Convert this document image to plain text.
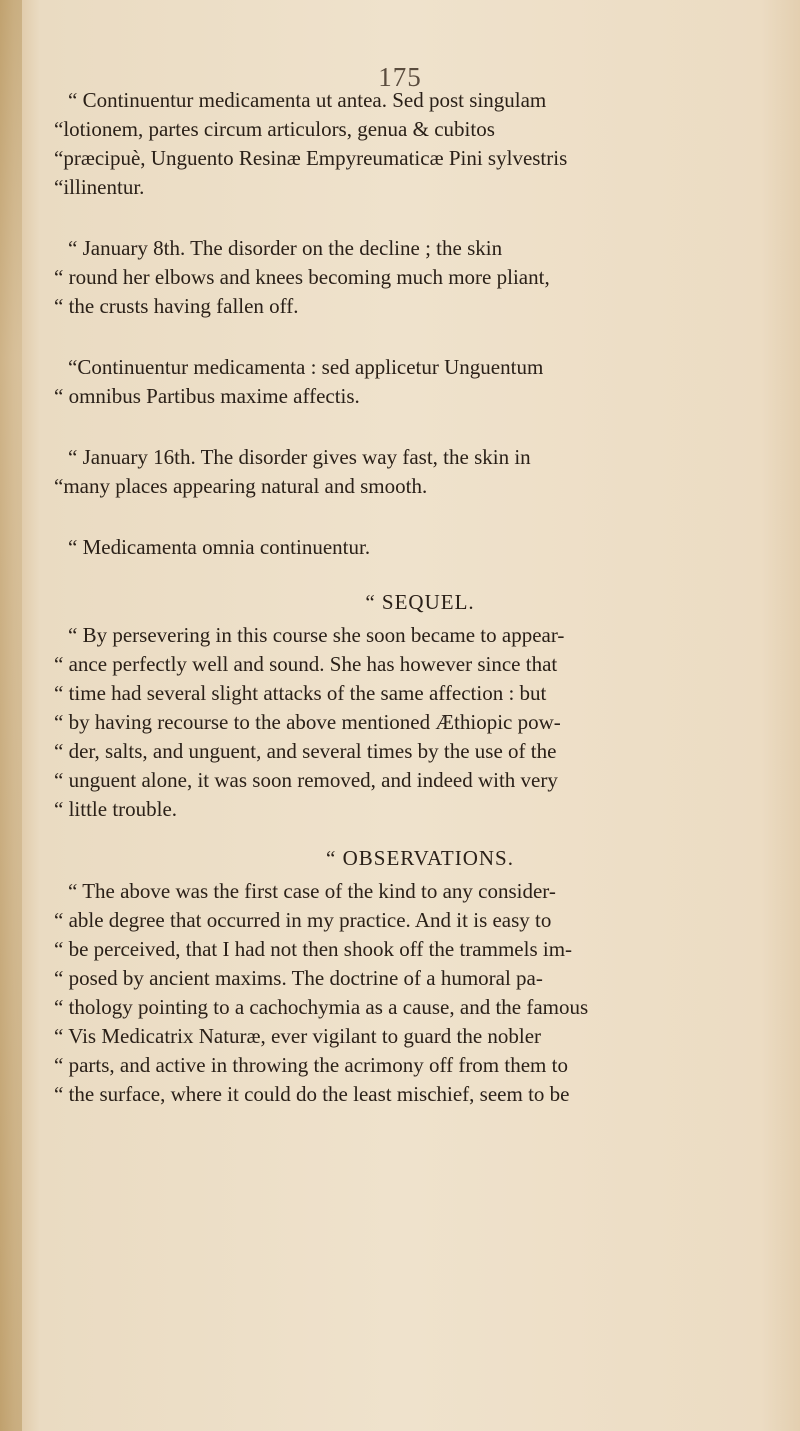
175
“ Continuentur medicamenta ut antea. Sed post singulam
“lotionem, partes circum articulors, genua & cubitos
“præcipuè, Unguento Resinæ Empyreumaticæ Pini sylvestris
“illinentur.
“ January 8th. The disorder on the decline ; the skin
“ round her elbows and knees becoming much more pliant,
“ the crusts having fallen off.
“Continuentur medicamenta : sed applicetur Unguentum
“ omnibus Partibus maxime affectis.
“ January 16th. The disorder gives way fast, the skin in
“many places appearing natural and smooth.
“ Medicamenta omnia continuentur.
“ SEQUEL.
“ By persevering in this course she soon became to appear-
“ ance perfectly well and sound. She has however since that
“ time had several slight attacks of the same affection : but
“ by having recourse to the above mentioned Æthiopic pow-
“ der, salts, and unguent, and several times by the use of the
“ unguent alone, it was soon removed, and indeed with very
“ little trouble.
“ OBSERVATIONS.
“ The above was the first case of the kind to any consider-
“ able degree that occurred in my practice. And it is easy to
“ be perceived, that I had not then shook off the trammels im-
“ posed by ancient maxims. The doctrine of a humoral pa-
“ thology pointing to a cachochymia as a cause, and the famous
“ Vis Medicatrix Naturæ, ever vigilant to guard the nobler
“ parts, and active in throwing the acrimony off from them to
“ the surface, where it could do the least mischief, seem to be
